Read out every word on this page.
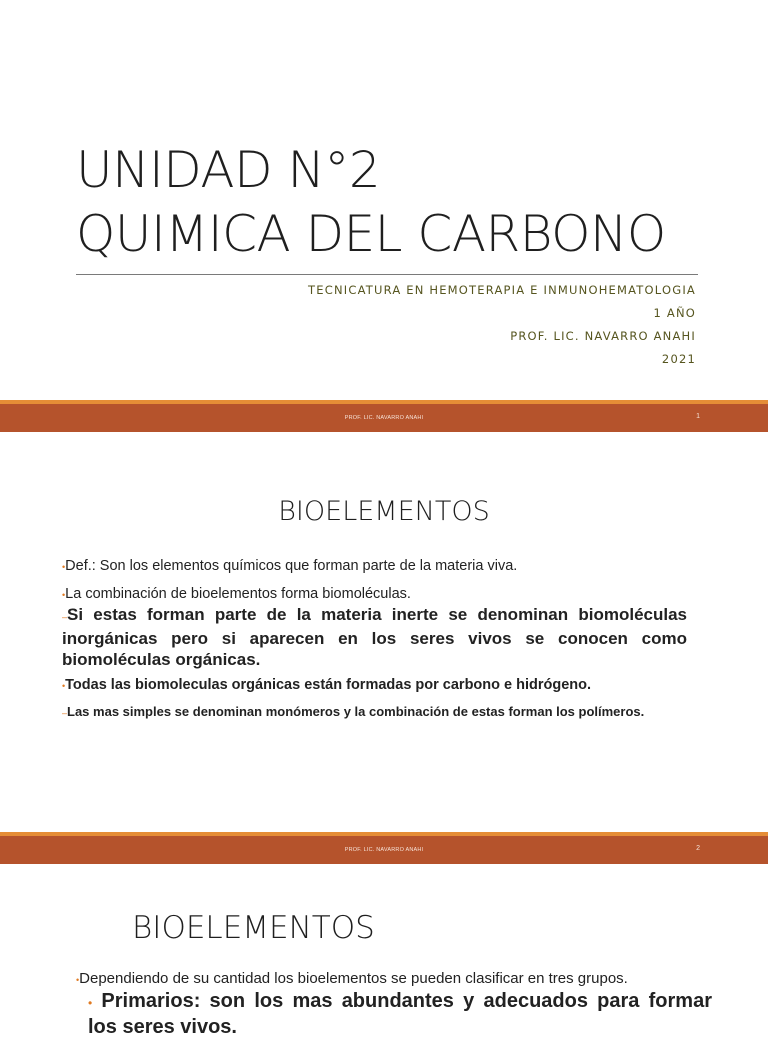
UNIDAD N°2
QUIMICA DEL CARBONO
TECNICATURA EN HEMOTERAPIA E INMUNOHEMATOLOGIA
1 AÑO
PROF. LIC. NAVARRO ANAHI
2021
PROF. LIC. NAVARRO ANAHI	1
BIOELEMENTOS
•Def.: Son los elementos químicos que forman parte de la materia viva.
•La combinación de bioelementos forma biomoléculas.
–Si estas forman parte de la materia inerte se denominan biomoléculas inorgánicas pero si aparecen en los seres vivos se conocen como biomoléculas orgánicas.
•Todas las biomoleculas orgánicas están formadas por carbono e hidrógeno.
–Las mas simples se denominan monómeros y la combinación de estas forman los polímeros.
PROF. LIC. NAVARRO ANAHI	2
BIOELEMENTOS
•Dependiendo de su cantidad los bioelementos se pueden clasificar en tres grupos.
• Primarios: son los mas abundantes y adecuados para formar los seres vivos.
